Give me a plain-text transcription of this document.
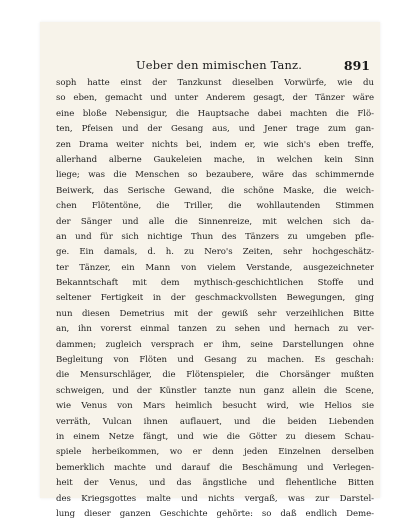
Ueber den mimischen Tanz.	891
soph hatte einst der Tanzkunst dieselben Vorwürfe, wie du
so eben, gemacht und unter Anderem gesagt, der Tänzer wäre
eine bloße Nebensigur, die Hauptsache dabei machten die Flö-
ten, Pfeisen und der Gesang aus, und Jener trage zum gan-
zen Drama weiter nichts bei, indem er, wie sich's eben treffe,
allerhand alberne Gaukeleien mache, in welchen kein Sinn
liege; was die Menschen so bezaubere, wäre das schimmernde
Beiwerk, das Serische Gewand, die schöne Maske, die weich-
chen Flötentöne, die Triller, die wohllautenden Stimmen
der Sänger und alle die Sinnenreize, mit welchen sich da-
an und für sich nichtige Thun des Tänzers zu umgeben pfle-
ge. Ein damals, d. h. zu Nero's Zeiten, sehr hochgeschätz-
ter Tänzer, ein Mann von vielem Verstande, ausgezeichneter
Bekanntschaft mit dem mythisch-geschichtlichen Stoffe und
seltener Fertigkeit in der geschmackvollsten Bewegungen, ging
nun diesen Demetrius mit der gewiß sehr verzeihlichen Bitte
an, ihn vorerst einmal tanzen zu sehen und hernach zu ver-
dammen; zugleich versprach er ihm, seine Darstellungen ohne
Begleitung von Flöten und Gesang zu machen. Es geschah:
die Mensurschläger, die Flötenspieler, die Chorsänger mußten
schweigen, und der Künstler tanzte nun ganz allein die Scene,
wie Venus von Mars heimlich besucht wird, wie Helios sie
verräth, Vulcan ihnen auflauert, und die beiden Liebenden
in einem Netze fängt, und wie die Götter zu diesem Schau-
spiele herbeikommen, wo er denn jeden Einzelnen derselben
bemerklich machte und darauf die Beschämung und Verlegen-
heit der Venus, und das ängstliche und flehentliche Bitten
des Kriegsgottes malte und nichts vergaß, was zur Darstel-
lung dieser ganzen Geschichte gehörte: so daß endlich Deme-
